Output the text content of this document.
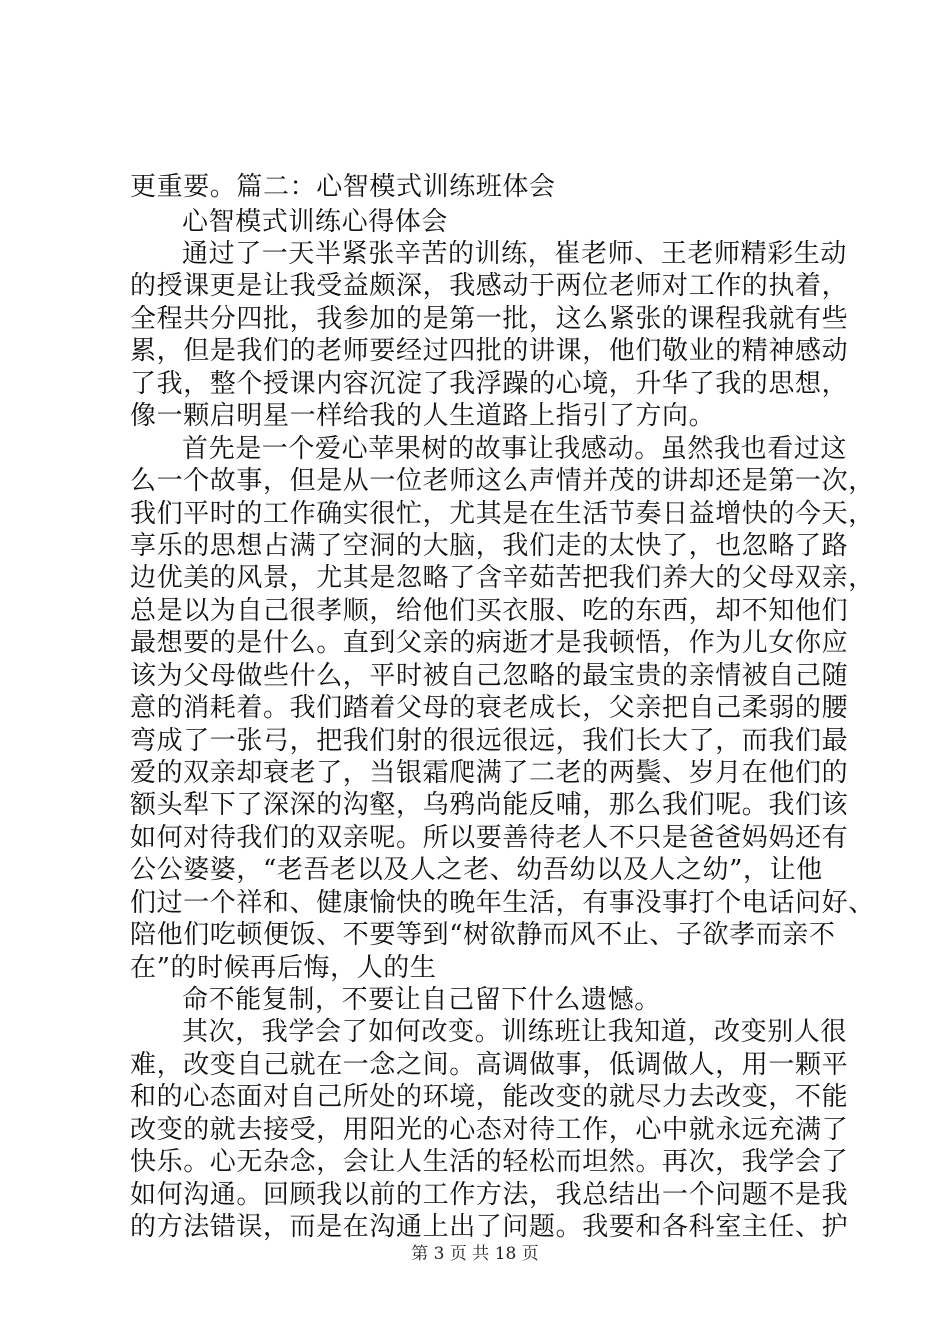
更重要。篇二：心智模式训练班体会
心智模式训练心得体会
通过了一天半紧张辛苦的训练，崔老师、王老师精彩生动
的授课更是让我受益颇深，我感动于两位老师对工作的执着，
全程共分四批，我参加的是第一批，这么紧张的课程我就有些
累，但是我们的老师要经过四批的讲课，他们敬业的精神感动
了我，整个授课内容沉淀了我浮躁的心境，升华了我的思想，
像一颗启明星一样给我的人生道路上指引了方向。
首先是一个爱心苹果树的故事让我感动。虽然我也看过这
么一个故事，但是从一位老师这么声情并茂的讲却还是第一次，
我们平时的工作确实很忙，尤其是在生活节奏日益增快的今天，
享乐的思想占满了空洞的大脑，我们走的太快了，也忽略了路
边优美的风景，尤其是忽略了含辛茹苦把我们养大的父母双亲，
总是以为自己很孝顺，给他们买衣服、吃的东西，却不知他们
最想要的是什么。直到父亲的病逝才是我顿悟，作为儿女你应
该为父母做些什么，平时被自己忽略的最宝贵的亲情被自己随
意的消耗着。我们踏着父母的衰老成长，父亲把自己柔弱的腰
弯成了一张弓，把我们射的很远很远，我们长大了，而我们最
爱的双亲却衰老了，当银霜爬满了二老的两鬓、岁月在他们的
额头犁下了深深的沟壑，乌鸦尚能反哺，那么我们呢。我们该
如何对待我们的双亲呢。所以要善待老人不只是爸爸妈妈还有
公公婆婆，“老吾老以及人之老、幼吾幼以及人之幼”，让他
们过一个祥和、健康愉快的晚年生活，有事没事打个电话问好、
陪他们吃顿便饭、不要等到“树欲静而风不止、子欲孝而亲不
在”的时候再后悔，人的生
命不能复制，不要让自己留下什么遗憾。
其次，我学会了如何改变。训练班让我知道，改变别人很
难，改变自己就在一念之间。高调做事，低调做人，用一颗平
和的心态面对自己所处的环境，能改变的就尽力去改变，不能
改变的就去接受，用阳光的心态对待工作，心中就永远充满了
快乐。心无杂念，会让人生活的轻松而坦然。再次，我学会了
如何沟通。回顾我以前的工作方法，我总结出一个问题不是我
的方法错误，而是在沟通上出了问题。我要和各科室主任、护
第 3 页 共 18 页
